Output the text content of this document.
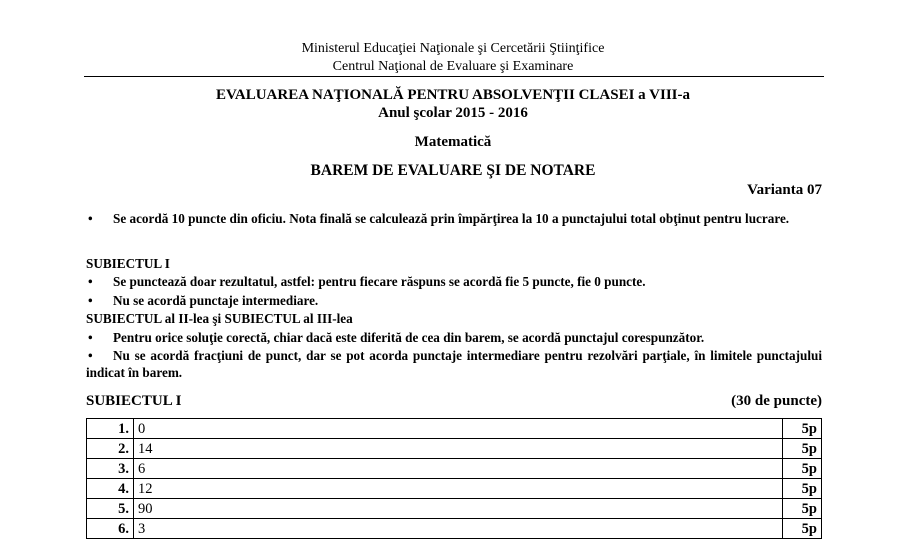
Ministerul Educaţiei Naţionale şi Cercetării Ştiinţifice
Centrul Naţional de Evaluare şi Examinare
EVALUAREA NAŢIONALĂ PENTRU ABSOLVENŢII CLASEI a VIII-a
Anul şcolar 2015 - 2016
Matematică
BAREM DE EVALUARE ŞI DE NOTARE
Varianta 07
• Se acordă 10 puncte din oficiu. Nota finală se calculează prin împărţirea la 10 a punctajului total obţinut pentru lucrare.
SUBIECTUL I
• Se punctează doar rezultatul, astfel: pentru fiecare răspuns se acordă fie 5 puncte, fie 0 puncte.
• Nu se acordă punctaje intermediare.
SUBIECTUL al II-lea şi SUBIECTUL al III-lea
• Pentru orice soluţie corectă, chiar dacă este diferită de cea din barem, se acordă punctajul corespunzător.
• Nu se acordă fracţiuni de punct, dar se pot acorda punctaje intermediare pentru rezolvări parţiale, în limitele punctajului indicat în barem.
SUBIECTUL I	(30 de puncte)
1.	0	5p
2.	14	5p
3.	6	5p
4.	12	5p
5.	90	5p
6.	3	5p
